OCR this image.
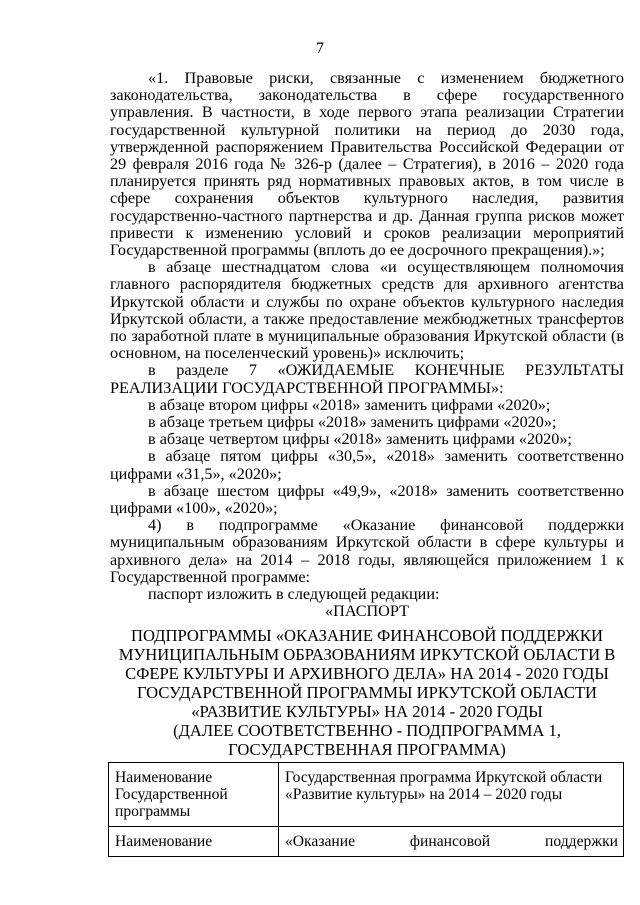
7

«1. Правовые риски, связанные с изменением бюджетного законодательства, законодательства в сфере государственного управления. В частности, в ходе первого этапа реализации Стратегии государственной культурной политики на период до 2030 года, утвержденной распоряжением Правительства Российской Федерации от 29 февраля 2016 года № 326-р (далее – Стратегия), в 2016 – 2020 года планируется принять ряд нормативных правовых актов, в том числе в сфере сохранения объектов культурного наследия, развития государственно-частного партнерства и др. Данная группа рисков может привести к изменению условий и сроков реализации мероприятий Государственной программы (вплоть до ее досрочного прекращения).»;

в абзаце шестнадцатом слова «и осуществляющем полномочия главного распорядителя бюджетных средств для архивного агентства Иркутской области и службы по охране объектов культурного наследия Иркутской области, а также предоставление межбюджетных трансфертов по заработной плате в муниципальные образования Иркутской области (в основном, на поселенческий уровень)» исключить;

в разделе 7 «ОЖИДАЕМЫЕ КОНЕЧНЫЕ РЕЗУЛЬТАТЫ РЕАЛИЗАЦИИ ГОСУДАРСТВЕННОЙ ПРОГРАММЫ»:

в абзаце втором цифры «2018» заменить цифрами «2020»;

в абзаце третьем цифры «2018» заменить цифрами «2020»;

в абзаце четвертом цифры «2018» заменить цифрами «2020»;

в абзаце пятом цифры «30,5», «2018» заменить соответственно цифрами «31,5», «2020»;

в абзаце шестом цифры «49,9», «2018» заменить соответственно цифрами «100», «2020»;

4) в подпрограмме «Оказание финансовой поддержки муниципальным образованиям Иркутской области в сфере культуры и архивного дела» на 2014 – 2018 годы, являющейся приложением 1 к Государственной программе:

паспорт изложить в следующей редакции:

«ПАСПОРТ
ПОДПРОГРАММЫ «ОКАЗАНИЕ ФИНАНСОВОЙ ПОДДЕРЖКИ
МУНИЦИПАЛЬНЫМ ОБРАЗОВАНИЯМ ИРКУТСКОЙ ОБЛАСТИ В
СФЕРЕ КУЛЬТУРЫ И АРХИВНОГО ДЕЛА» НА 2014 - 2020 ГОДЫ
ГОСУДАРСТВЕННОЙ ПРОГРАММЫ ИРКУТСКОЙ ОБЛАСТИ
«РАЗВИТИЕ КУЛЬТУРЫ» НА 2014 - 2020 ГОДЫ
(ДАЛЕЕ СООТВЕТСТВЕННО - ПОДПРОГРАММА 1,
ГОСУДАРСТВЕННАЯ ПРОГРАММА)
Наименование Государственной программы	Государственная программа Иркутской области «Развитие культуры» на 2014 – 2020 годы
Наименование	«Оказание финансовой поддержки
